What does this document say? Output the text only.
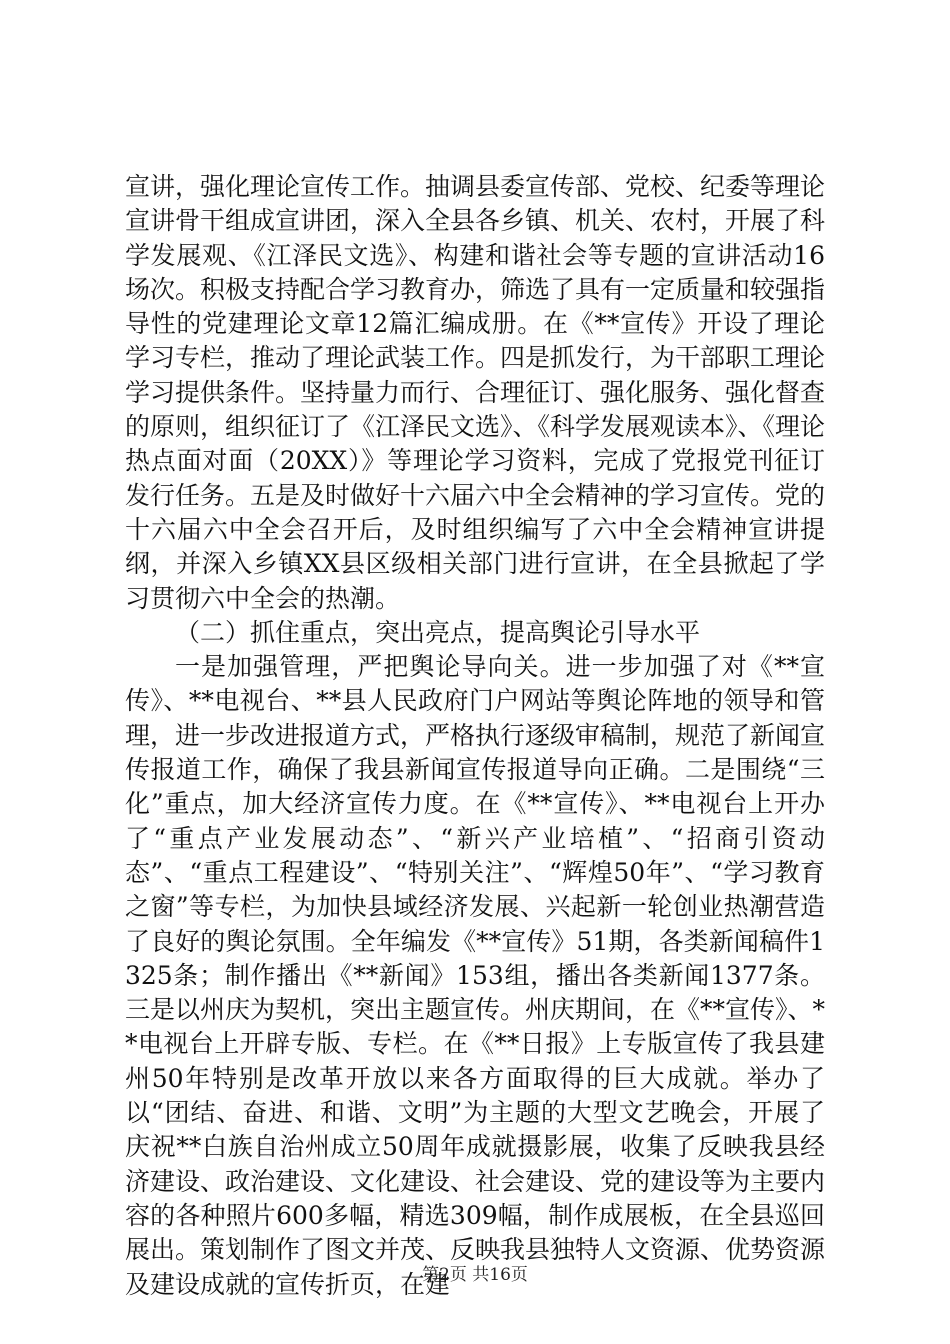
宣讲，强化理论宣传工作。抽调县委宣传部、党校、纪委等理论宣讲骨干组成宣讲团，深入全县各乡镇、机关、农村，开展了科学发展观、《江泽民文选》、构建和谐社会等专题的宣讲活动16场次。积极支持配合学习教育办，筛选了具有一定质量和较强指导性的党建理论文章12篇汇编成册。在《**宣传》开设了理论学习专栏，推动了理论武装工作。四是抓发行，为干部职工理论学习提供条件。坚持量力而行、合理征订、强化服务、强化督查的原则，组织征订了《江泽民文选》、《科学发展观读本》、《理论热点面对面（20XX）》等理论学习资料，完成了党报党刊征订发行任务。五是及时做好十六届六中全会精神的学习宣传。党的十六届六中全会召开后，及时组织编写了六中全会精神宣讲提纲，并深入乡镇XX县区级相关部门进行宣讲，在全县掀起了学习贯彻六中全会的热潮。

（二）抓住重点，突出亮点，提高舆论引导水平

一是加强管理，严把舆论导向关。进一步加强了对《**宣传》、**电视台、**县人民政府门户网站等舆论阵地的领导和管理，进一步改进报道方式，严格执行逐级审稿制，规范了新闻宣传报道工作，确保了我县新闻宣传报道导向正确。二是围绕“三化”重点，加大经济宣传力度。在《**宣传》、**电视台上开办了“重点产业发展动态”、“新兴产业培植”、“招商引资动态”、“重点工程建设”、“特别关注”、“辉煌50年”、“学习教育之窗”等专栏，为加快县域经济发展、兴起新一轮创业热潮营造了良好的舆论氛围。全年编发《**宣传》51期，各类新闻稿件1325条；制作播出《**新闻》153组，播出各类新闻1377条。三是以州庆为契机，突出主题宣传。州庆期间，在《**宣传》、**电视台上开辟专版、专栏。在《**日报》上专版宣传了我县建州50年特别是改革开放以来各方面取得的巨大成就。举办了以“团结、奋进、和谐、文明”为主题的大型文艺晚会，开展了庆祝**白族自治州成立50周年成就摄影展，收集了反映我县经济建设、政治建设、文化建设、社会建设、党的建设等为主要内容的各种照片600多幅，精选309幅，制作成展板，在全县巡回展出。策划制作了图文并茂、反映我县独特人文资源、优势资源及建设成就的宣传折页，在建

第2页 共16页
